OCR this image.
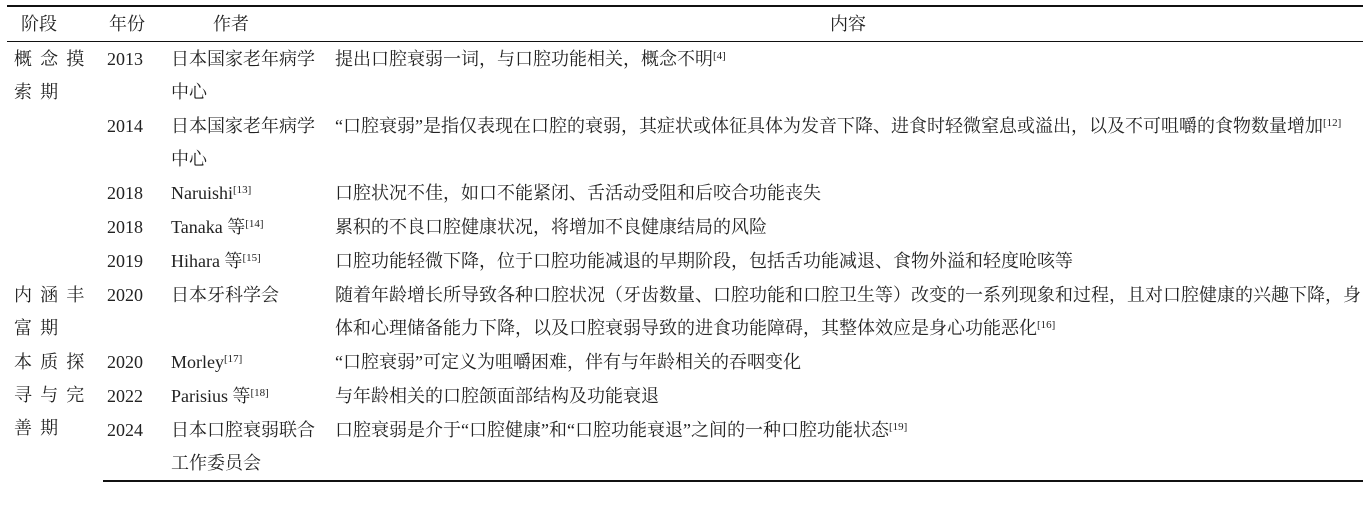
阶段	年份	作者	内容
概念摸索期	2013	日本国家老年病学中心	提出口腔衰弱一词，与口腔功能相关，概念不明[4]
	2014	日本国家老年病学中心	“口腔衰弱”是指仅表现在口腔的衰弱，其症状或体征具体为发音下降、进食时轻微窒息或溢出，以及不可咀嚼的食物数量增加[12]
	2018	Naruishi[13]	口腔状况不佳，如口不能紧闭、舌活动受阻和后咬合功能丧失
	2018	Tanaka 等[14]	累积的不良口腔健康状况，将增加不良健康结局的风险
	2019	Hihara 等[15]	口腔功能轻微下降，位于口腔功能减退的早期阶段，包括舌功能减退、食物外溢和轻度呛咳等
内涵丰富期	2020	日本牙科学会	随着年龄增长所导致各种口腔状况（牙齿数量、口腔功能和口腔卫生等）改变的一系列现象和过程，且对口腔健康的兴趣下降，身体和心理储备能力下降，以及口腔衰弱导致的进食功能障碍，其整体效应是身心功能恶化[16]
本质探寻与完善期	2020	Morley[17]	“口腔衰弱”可定义为咀嚼困难，伴有与年龄相关的吞咽变化
	2022	Parisius 等[18]	与年龄相关的口腔颌面部结构及功能衰退
	2024	日本口腔衰弱联合工作委员会	口腔衰弱是介于“口腔健康”和“口腔功能衰退”之间的一种口腔功能状态[19]
